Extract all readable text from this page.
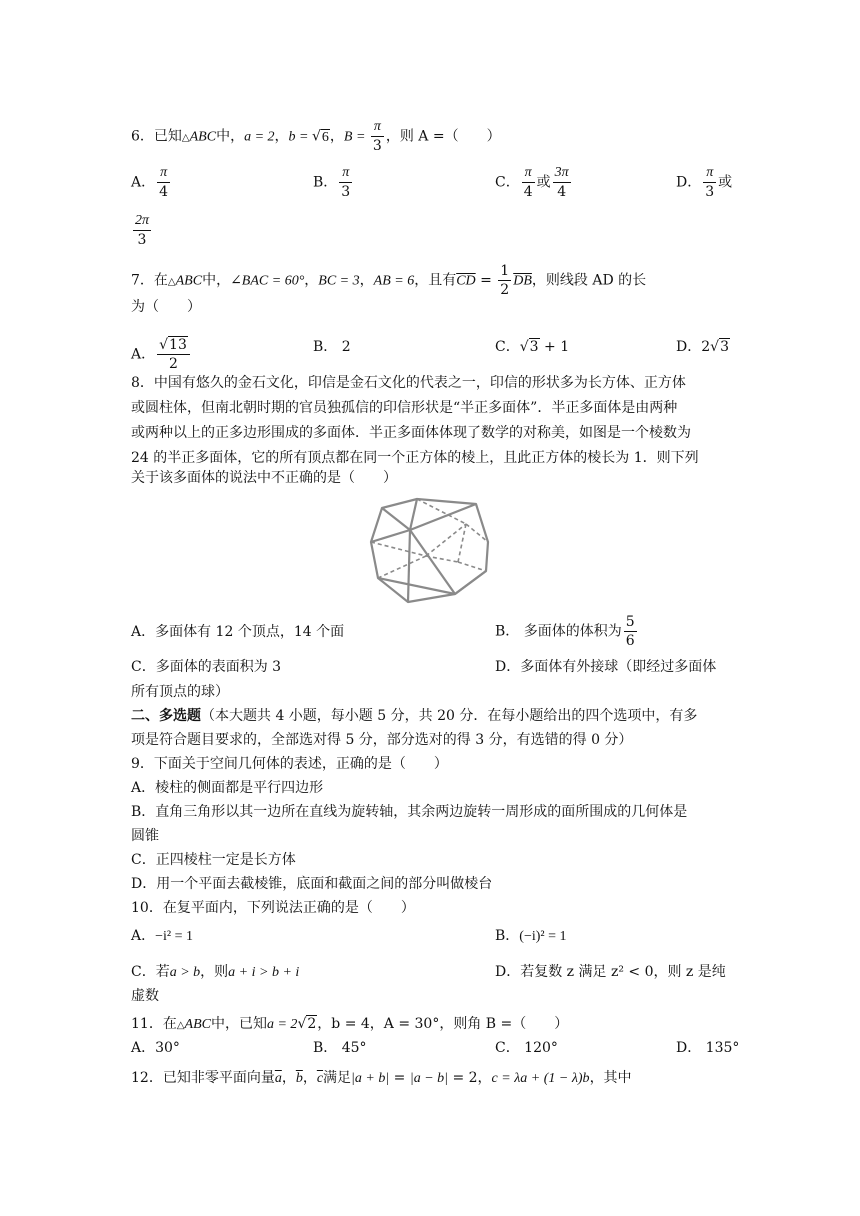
6．已知△ABC中，a = 2，b = √6，$B = \frac{\pi}{3}$ ，则 A =（　　）
A． $\frac{\pi}{4}$	B． $\frac{\pi}{3}$	C． $\frac{\pi}{4}$ 或 $\frac{3\pi}{4}$	D． $\frac{\pi}{3}$ 或
$\frac{2\pi}{3}$
7．在△ABC中，∠BAC = 60°，BC = 3，AB = 6，且有$\overline{CD} = \frac{1}{2} \overline{DB}$，则线段 AD 的长
为（　　）
A． $\frac{√13}{2}$	B． 2	C．√3 + 1	D．2√3
8．中国有悠久的金石文化，印信是金石文化的代表之一，印信的形状多为长方体、正方体
或圆柱体，但南北朝时期的官员独孤信的印信形状是“半正多面体”．半正多面体是由两种
或两种以上的正多边形围成的多面体．半正多面体体现了数学的对称美，如图是一个棱数为
24 的半正多面体，它的所有顶点都在同一个正方体的棱上，且此正方体的棱长为 1．则下列
关于该多面体的说法中不正确的是（　　）
A．多面体有 12 个顶点，14 个面	B． 多面体的体积为 $\frac{5}{6}$
C．多面体的表面积为 3	D．多面体有外接球（即经过多面体
所有顶点的球）
二、多选题（本大题共 4 小题，每小题 5 分，共 20 分．在每小题给出的四个选项中，有多
项是符合题目要求的，全部选对得 5 分，部分选对的得 3 分，有选错的得 0 分）
9．下面关于空间几何体的表述，正确的是（　　）
A．棱柱的侧面都是平行四边形
B．直角三角形以其一边所在直线为旋转轴，其余两边旋转一周形成的面所围成的几何体是
圆锥
C．正四棱柱一定是长方体
D．用一个平面去截棱锥，底面和截面之间的部分叫做棱台
10．在复平面内，下列说法正确的是（　　）
A．−i² = 1	B．(−i)² = 1
C．若a > b，则a + i > b + i	D．若复数 z 满足 z² < 0，则 z 是纯
虚数
11．在△ABC中，已知a = 2√2，b = 4，A = 30°，则角 B =（　　）
A．30°	B． 45°	C． 120°	D． 135°
12．已知非零平面向量$\overline{a}$，$\overline{b}$，$\overline{c}$满足|a + b| = |a − b| = 2，c = λa + (1 − λ)b，其中
